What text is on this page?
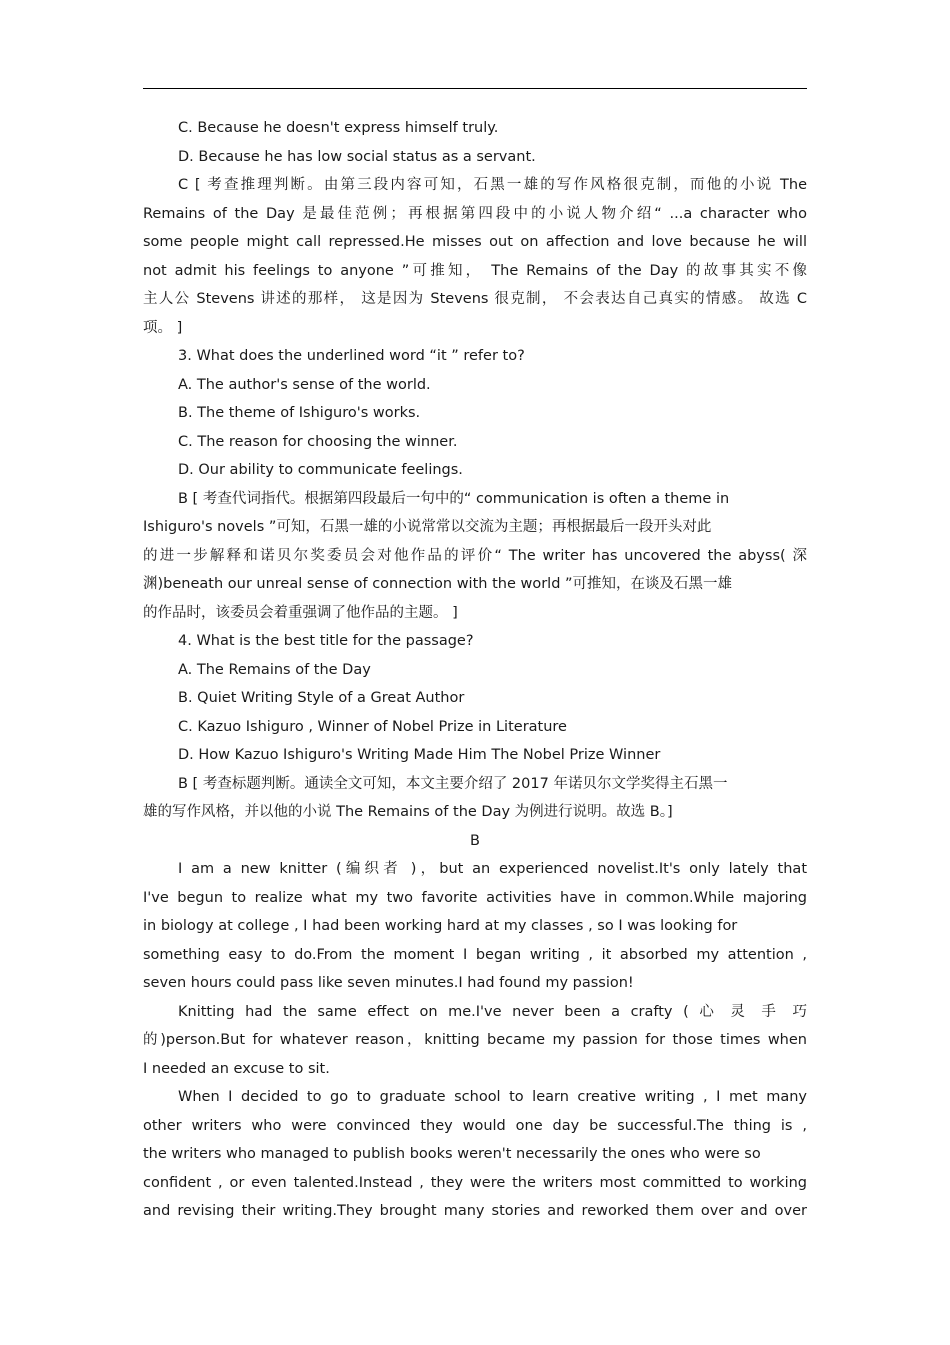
C. Because he doesn't express himself truly.
D. Because he has low social status as a servant.
C [ 考查推理判断。由第三段内容可知，石黑一雄的写作风格很克制，而他的小说 The
Remains of the Day 是最佳范例；再根据第四段中的小说人物介绍“ ...a character who
some people might call repressed.He misses out on affection and love because he will
not admit his feelings to anyone ”可推知， The Remains of the Day 的故事其实不像
主人公 Stevens 讲述的那样， 这是因为 Stevens 很克制， 不会表达自己真实的情感。 故选 C
项。 ]
3. What does the underlined word “it ” refer to?
A. The author's sense of the world.
B. The theme of Ishiguro's works.
C. The reason for choosing the winner.
D. Our ability to communicate feelings.
B [ 考查代词指代。根据第四段最后一句中的“ communication is often a theme in
Ishiguro's novels ”可知，石黑一雄的小说常常以交流为主题；再根据最后一段开头对此
的进一步解释和诺贝尔奖委员会对他作品的评价“ The writer has uncovered the abyss( 深
渊)beneath our unreal sense of connection with the world ”可推知，在谈及石黑一雄
的作品时，该委员会着重强调了他作品的主题。 ]
4. What is the best title for the passage?
A. The Remains of the Day
B. Quiet Writing Style of a Great Author
C. Kazuo Ishiguro , Winner of Nobel Prize in Literature
D. How Kazuo Ishiguro's Writing Made Him The Nobel Prize Winner
B [ 考查标题判断。通读全文可知，本文主要介绍了 2017 年诺贝尔文学奖得主石黑一
雄的写作风格，并以他的小说 The Remains of the Day 为例进行说明。故选 B。]
B
I am a new knitter (编织者 )，but an experienced novelist.It's only lately that
I've begun to realize what my two favorite activities have in common.While majoring
in biology at college , I had been working hard at my classes , so I was looking for
something easy to do.From the moment I began writing , it absorbed my attention ,
seven hours could pass like seven minutes.I had found my passion!
Knitting had the same effect on me.I've never been a crafty ( 心 灵 手 巧
的)person.But for whatever reason，knitting became my passion for those times when
I needed an excuse to sit.
When I decided to go to graduate school to learn creative writing , I met many
other writers who were convinced they would one day be successful.The thing is ,
the writers who managed to publish books weren't necessarily the ones who were so
confident , or even talented.Instead , they were the writers most committed to working
and revising their writing.They brought many stories and reworked them over and over
